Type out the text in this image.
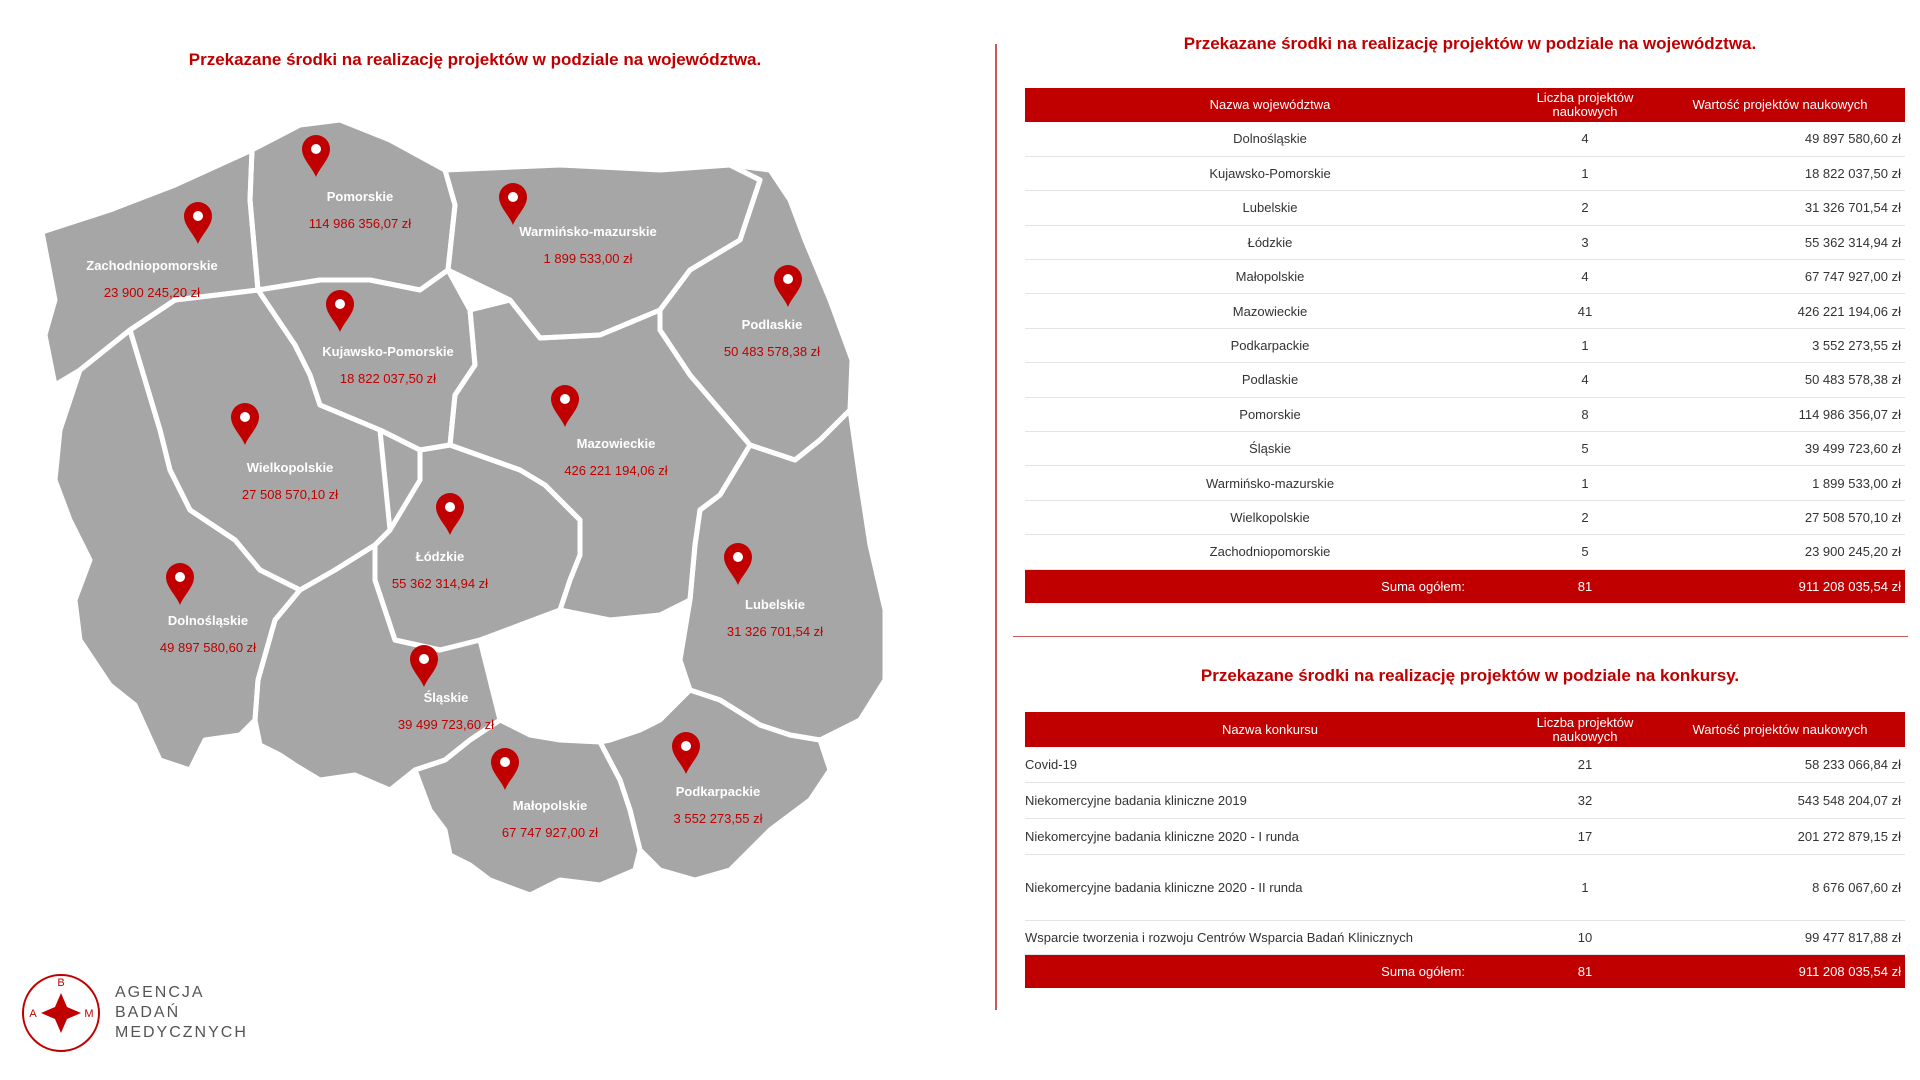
Przekazane środki na realizację projektów w podziale na województwa.
Zachodniopomorskie
23 900 245,20 zł
Pomorskie
114 986 356,07 zł
Warmińsko-mazurskie
1 899 533,00 zł
Podlaskie
50 483 578,38 zł
Kujawsko-Pomorskie
18 822 037,50 zł
Mazowieckie
426 221 194,06 zł
Wielkopolskie
27 508 570,10 zł
Łódzkie
55 362 314,94 zł
Dolnośląskie
49 897 580,60 zł
Lubelskie
31 326 701,54 zł
Śląskie
39 499 723,60 zł
Podkarpackie
3 552 273,55 zł
Małopolskie
67 747 927,00 zł
Przekazane środki na realizację projektów w podziale na województwa.
Nazwa województwa	Liczba projektów naukowych	Wartość projektów naukowych
Dolnośląskie	4	49 897 580,60 zł
Kujawsko-Pomorskie	1	18 822 037,50 zł
Lubelskie	2	31 326 701,54 zł
Łódzkie	3	55 362 314,94 zł
Małopolskie	4	67 747 927,00 zł
Mazowieckie	41	426 221 194,06 zł
Podkarpackie	1	3 552 273,55 zł
Podlaskie	4	50 483 578,38 zł
Pomorskie	8	114 986 356,07 zł
Śląskie	5	39 499 723,60 zł
Warmińsko-mazurskie	1	1 899 533,00 zł
Wielkopolskie	2	27 508 570,10 zł
Zachodniopomorskie	5	23 900 245,20 zł
Suma ogółem:	81	911 208 035,54 zł
Przekazane środki na realizację projektów w podziale na konkursy.
Nazwa konkursu	Liczba projektów naukowych	Wartość projektów naukowych
Covid-19	21	58 233 066,84 zł
Niekomercyjne badania kliniczne 2019	32	543 548 204,07 zł
Niekomercyjne badania kliniczne 2020 - I runda	17	201 272 879,15 zł
Niekomercyjne badania kliniczne 2020 - II runda	1	8 676 067,60 zł
Wsparcie tworzenia i rozwoju Centrów Wsparcia Badań Klinicznych	10	99 477 817,88 zł
Suma ogółem:	81	911 208 035,54 zł
B
A	M
AGENCJA
BADAŃ
MEDYCZNYCH
